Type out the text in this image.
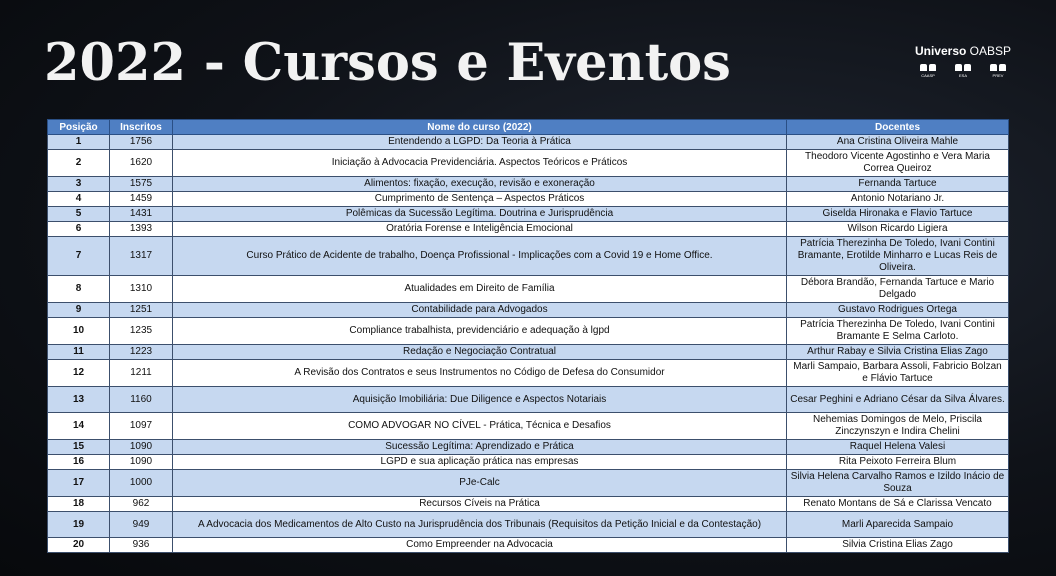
2022 - Cursos e Eventos	Universo OABSP
CAASP	ESA	PREV
Posição	Inscritos	Nome do curso (2022)	Docentes
1	1756	Entendendo a LGPD: Da Teoria à Prática	Ana Cristina Oliveira Mahle
2	1620	Iniciação à Advocacia Previdenciária. Aspectos Teóricos e Práticos	Theodoro Vicente Agostinho e Vera Maria Correa Queiroz
3	1575	Alimentos: fixação, execução, revisão e exoneração	Fernanda Tartuce
4	1459	Cumprimento de Sentença – Aspectos Práticos	Antonio Notariano Jr.
5	1431	Polêmicas da Sucessão Legítima. Doutrina e Jurisprudência	Giselda Hironaka e Flavio Tartuce
6	1393	Oratória Forense e Inteligência Emocional	Wilson Ricardo Ligiera
7	1317	Curso Prático de Acidente de trabalho, Doença Profissional - Implicações com a Covid 19 e Home Office.	Patrícia Therezinha De Toledo, Ivani Contini Bramante, Erotilde Minharro e Lucas Reis de Oliveira.
8	1310	Atualidades em Direito de Família	Débora Brandão, Fernanda Tartuce e Mario Delgado
9	1251	Contabilidade para Advogados	Gustavo Rodrigues Ortega
10	1235	Compliance trabalhista, previdenciário e adequação à lgpd	Patrícia Therezinha De Toledo, Ivani Contini Bramante E Selma Carloto.
11	1223	Redação e Negociação Contratual	Arthur Rabay e Silvia Cristina Elias Zago
12	1211	A Revisão dos Contratos e seus Instrumentos no Código de Defesa do Consumidor	Marli Sampaio, Barbara Assoli, Fabricio Bolzan e Flávio Tartuce
13	1160	Aquisição Imobiliária: Due Diligence e Aspectos Notariais	Cesar Peghini e Adriano César da Silva Álvares.
14	1097	COMO ADVOGAR NO CÍVEL - Prática, Técnica e Desafios	Nehemias Domingos de Melo, Priscila Zinczynszyn e Indira Chelini
15	1090	Sucessão Legítima: Aprendizado e Prática	Raquel Helena Valesi
16	1090	LGPD e sua aplicação prática nas empresas	Rita Peixoto Ferreira Blum
17	1000	PJe-Calc	Silvia Helena Carvalho Ramos e Izildo Inácio de Souza
18	962	Recursos Cíveis na Prática	Renato Montans de Sá e Clarissa Vencato
19	949	A Advocacia dos Medicamentos de Alto Custo na Jurisprudência dos Tribunais (Requisitos da Petição Inicial e da Contestação)	Marli Aparecida Sampaio
20	936	Como Empreender na Advocacia	Silvia Cristina Elias Zago
